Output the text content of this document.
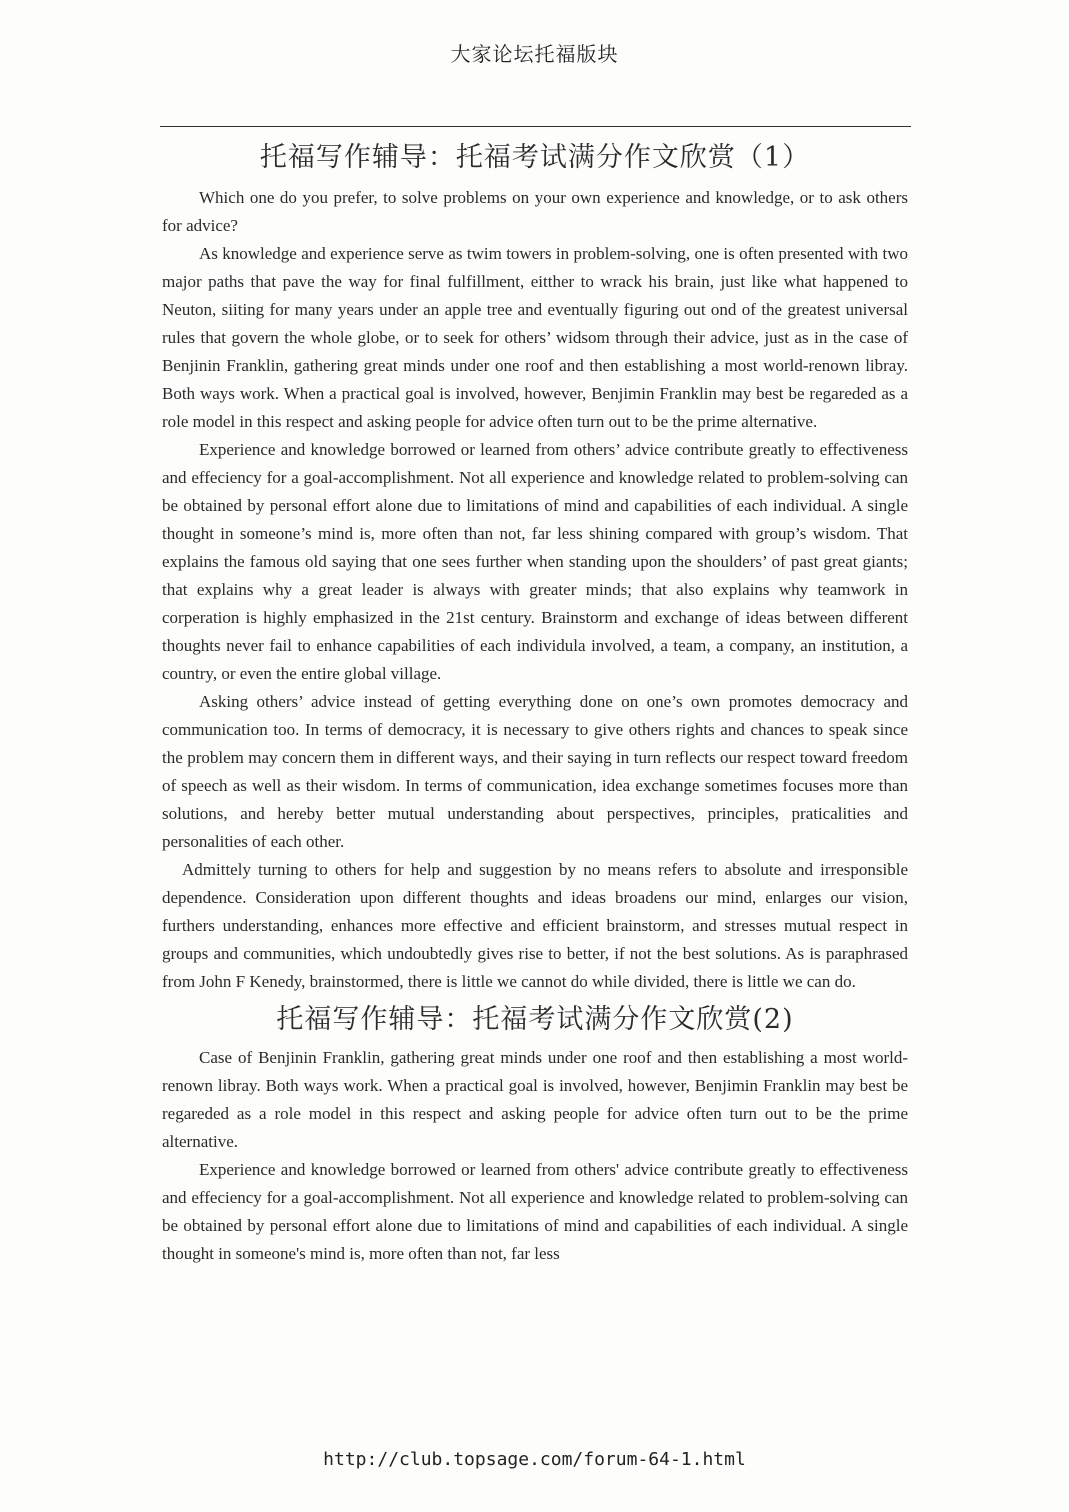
大家论坛托福版块
托福写作辅导：托福考试满分作文欣赏（1）

Which one do you prefer, to solve problems on your own experience and knowledge, or to ask others for advice?

As knowledge and experience serve as twim towers in problem-solving, one is often presented with two major paths that pave the way for final fulfillment, eitther to wrack his brain, just like what happened to Neuton, siiting for many years under an apple tree and eventually figuring out ond of the greatest universal rules that govern the whole globe, or to seek for others’ widsom through their advice, just as in the case of Benjinin Franklin, gathering great minds under one roof and then establishing a most world-renown libray. Both ways work. When a practical goal is involved, however, Benjimin Franklin may best be regareded as a role model in this respect and asking people for advice often turn out to be the prime alternative.

Experience and knowledge borrowed or learned from others’ advice contribute greatly to effectiveness and effeciency for a goal-accomplishment. Not all experience and knowledge related to problem-solving can be obtained by personal effort alone due to limitations of mind and capabilities of each individual. A single thought in someone’s mind is, more often than not, far less shining compared with group’s wisdom. That explains the famous old saying that one sees further when standing upon the shoulders’ of past great giants; that explains why a great leader is always with greater minds; that also explains why teamwork in corperation is highly emphasized in the 21st century. Brainstorm and exchange of ideas between different thoughts never fail to enhance capabilities of each individula involved, a team, a company, an institution, a country, or even the entire global village.

Asking others’ advice instead of getting everything done on one’s own promotes democracy and communication too. In terms of democracy, it is necessary to give others rights and chances to speak since the problem may concern them in different ways, and their saying in turn reflects our respect toward freedom of speech as well as their wisdom. In terms of communication, idea exchange sometimes focuses more than solutions, and hereby better mutual understanding about perspectives, principles, praticalities and personalities of each other.

Admittely turning to others for help and suggestion by no means refers to absolute and irresponsible dependence. Consideration upon different thoughts and ideas broadens our mind, enlarges our vision, furthers understanding, enhances more effective and efficient brainstorm, and stresses mutual respect in groups and communities, which undoubtedly gives rise to better, if not the best solutions. As is paraphrased from John F Kenedy, brainstormed, there is little we cannot do while divided, there is little we can do.

托福写作辅导：托福考试满分作文欣赏(2)

Case of Benjinin Franklin, gathering great minds under one roof and then establishing a most world-renown libray. Both ways work. When a practical goal is involved, however, Benjimin Franklin may best be regareded as a role model in this respect and asking people for advice often turn out to be the prime alternative.

Experience and knowledge borrowed or learned from others' advice contribute greatly to effectiveness and effeciency for a goal-accomplishment. Not all experience and knowledge related to problem-solving can be obtained by personal effort alone due to limitations of mind and capabilities of each individual. A single thought in someone's mind is, more often than not, far less

http://club.topsage.com/forum-64-1.html
